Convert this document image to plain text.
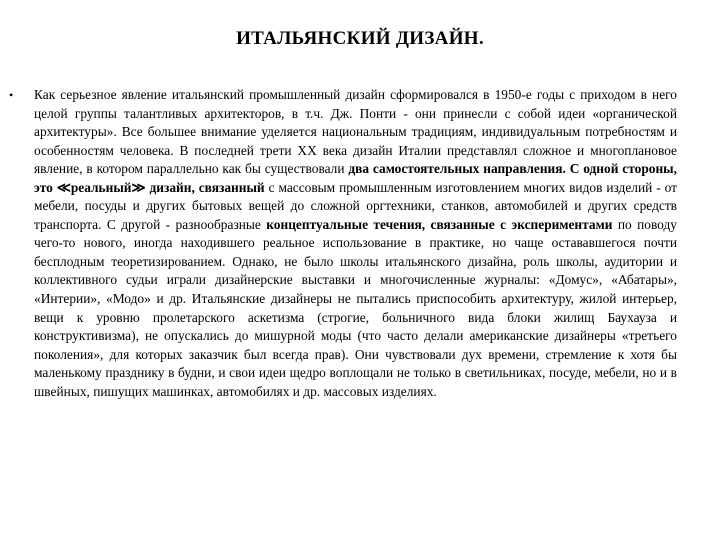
ИТАЛЬЯНСКИЙ ДИЗАЙН.
• Как серьезное явление итальянский промышленный дизайн сформировался в 1950-е годы с приходом в него целой группы талантливых архитекторов, в т.ч. Дж. Понти - они принесли с собой идеи «органической архитектуры». Все большее внимание уделяется национальным традициям, индивидуальным потребностям и особенностям человека. В последней трети XX века дизайн Италии представлял сложное и многоплановое явление, в котором параллельно как бы существовали два самостоятельных направления. С одной стороны, это ≪реальный≫ дизайн, связанный с массовым промышленным изготовлением многих видов изделий - от мебели, посуды и других бытовых вещей до сложной оргтехники, станков, автомобилей и других средств транспорта. С другой - разнообразные концептуальные течения, связанные с экспериментами по поводу чего-то нового, иногда находившего реальное использование в практике, но чаще остававшегося почти бесплодным теоретизированием. Однако, не было школы итальянского дизайна, роль школы, аудитории и коллективного судьи играли дизайнерские выставки и многочисленные журналы: «Домус», «Абатары», «Интерии», «Модо» и др. Итальянские дизайнеры не пытались приспособить архитектуру, жилой интерьер, вещи к уровню пролетарского аскетизма (строгие, больничного вида блоки жилищ Баухауза и конструктивизма), не опускались до мишурной моды (что часто делали американские дизайнеры «третьего поколения», для которых заказчик был всегда прав). Они чувствовали дух времени, стремление к хотя бы маленькому празднику в будни, и свои идеи щедро воплощали не только в светильниках, посуде, мебели, но и в швейных, пишущих машинках, автомобилях и др. массовых изделиях.
